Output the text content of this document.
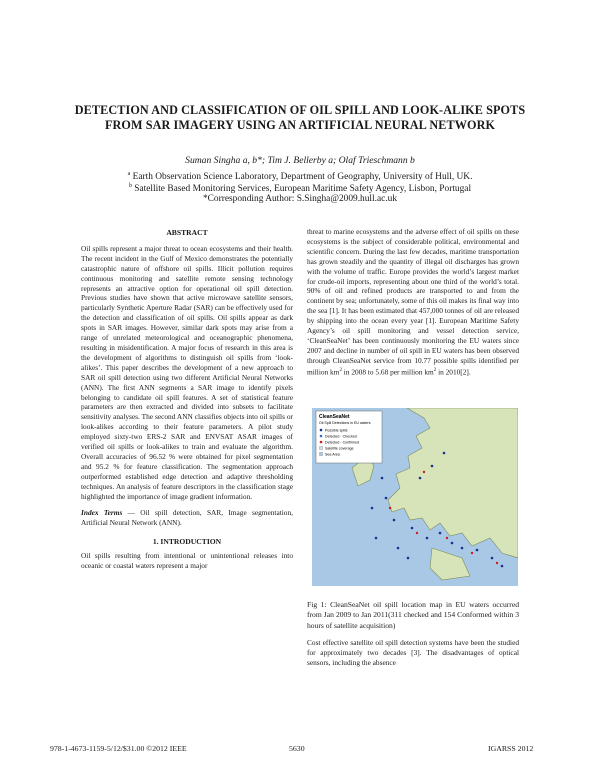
DETECTION AND CLASSIFICATION OF OIL SPILL AND LOOK-ALIKE SPOTS FROM SAR IMAGERY USING AN ARTIFICIAL NEURAL NETWORK
Suman Singha a, b*; Tim J. Bellerby a; Olaf Trieschmann b
$^a$ Earth Observation Science Laboratory, Department of Geography, University of Hull, UK.
$^b$ Satellite Based Monitoring Services, European Maritime Safety Agency, Lisbon, Portugal
*Corresponding Author: S.Singha@2009.hull.ac.uk
ABSTRACT

Oil spills represent a major threat to ocean ecosystems and their health. The recent incident in the Gulf of Mexico demonstrates the potentially catastrophic nature of offshore oil spills. Illicit pollution requires continuous monitoring and satellite remote sensing technology represents an attractive option for operational oil spill detection. Previous studies have shown that active microwave satellite sensors, particularly Synthetic Aperture Radar (SAR) can be effectively used for the detection and classification of oil spills. Oil spills appear as dark spots in SAR images. However, similar dark spots may arise from a range of unrelated meteorological and oceanographic phenomena, resulting in misidentification. A major focus of research in this area is the development of algorithms to distinguish oil spills from ‘look-alikes’. This paper describes the development of a new approach to SAR oil spill detection using two different Artificial Neural Networks (ANN). The first ANN segments a SAR image to identify pixels belonging to candidate oil spill features. A set of statistical feature parameters are then extracted and divided into subsets to facilitate sensitivity analyses. The second ANN classifies objects into oil spills or look-alikes according to their feature parameters. A pilot study employed sixty-two ERS-2 SAR and ENVSAT ASAR images of verified oil spills or look-alikes to train and evaluate the algorithm. Overall accuracies of 96.52 % were obtained for pixel segmentation and 95.2 % for feature classification. The segmentation approach outperformed established edge detection and adaptive thresholding techniques. An analysis of feature descriptors in the classification stage highlighted the importance of image gradient information.

Index Terms — Oil spill detection, SAR, Image segmentation, Artificial Neural Network (ANN).

1. INTRODUCTION

Oil spills resulting from intentional or unintentional releases into oceanic or coastal waters represent a major

threat to marine ecosystems and the adverse effect of oil spills on these ecosystems is the subject of considerable political, environmental and scientific concern. During the last few decades, maritime transportation has grown steadily and the quantity of illegal oil discharges has grown with the volume of traffic. Europe provides the world’s largest market for crude-oil imports, representing about one third of the world’s total. 90% of oil and refined products are transported to and from the continent by sea; unfortunately, some of this oil makes its final way into the sea [1]. It has been estimated that 457,000 tonnes of oil are released by shipping into the ocean every year [1]. European Maritime Safety Agency’s oil spill monitoring and vessel detection service, ‘CleanSeaNet’ has been continuously monitoring the EU waters since 2007 and decline in number of oil spill in EU waters has been observed through CleanSeaNet service from 10.77 possible spills identified per million $km^2$ in 2008 to 5.68 per million $km^2$ in 2010[2].

CleanSeaNet
Oil Spill Detections in EU waters
Possible spills
Detected - Checked
Detected - Confirmed
Satellite coverage
Sea Area
Fig 1: CleanSeaNet oil spill location map in EU waters occurred from Jan 2009 to Jan 2011(311 checked and 154 Conformed within 3 hours of satellite acquisition)

Cost effective satellite oil spill detection systems have been the studied for approximately two decades [3]. The disadvantages of optical sensors, including the absence

978-1-4673-1159-5/12/$31.00 ©2012 IEEE	5630	IGARSS 2012
